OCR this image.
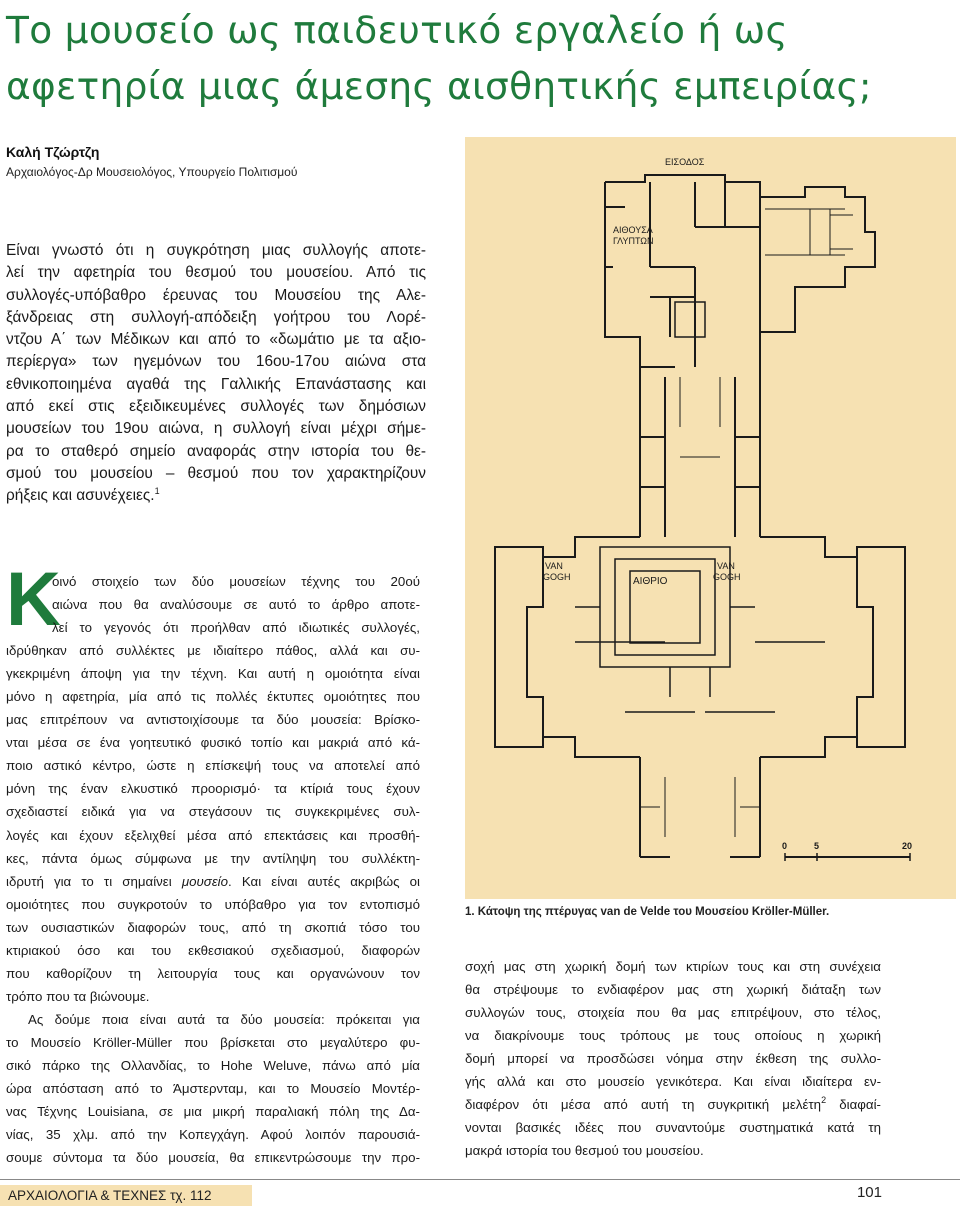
Το μουσείο ως παιδευτικό εργαλείο ή ως
αφετηρία μιας άμεσης αισθητικής εμπειρίας;

Καλή Τζώρτζη

Αρχαιολόγος-Δρ Μουσειολόγος, Υπουργείο Πολιτισμού

Είναι γνωστό ότι η συγκρότηση μιας συλλογής αποτε-

λεί την αφετηρία του θεσμού του μουσείου. Από τις

συλλογές-υπόβαθρο έρευνας του Μουσείου της Αλε-

ξάνδρειας στη συλλογή-απόδειξη γοήτρου του Λορέ-

ντζου Α΄ των Μέδικων και από το «δωμάτιο με τα αξιο-

περίεργα» των ηγεμόνων του 16ου-17ου αιώνα στα

εθνικοποιημένα αγαθά της Γαλλικής Επανάστασης και

από εκεί στις εξειδικευμένες συλλογές των δημόσιων

μουσείων του 19ου αιώνα, η συλλογή είναι μέχρι σήμε-

ρα το σταθερό σημείο αναφοράς στην ιστορία του θε-

σμού του μουσείου – θεσμού που τον χαρακτηρίζουν

ρήξεις και ασυνέχειες.$^1$

Κ

οινό στοιχείο των δύο μουσείων τέχνης του 20ού

αιώνα που θα αναλύσουμε σε αυτό το άρθρο αποτε-

λεί το γεγονός ότι προήλθαν από ιδιωτικές συλλογές,

ιδρύθηκαν από συλλέκτες με ιδιαίτερο πάθος, αλλά και συ-

γκεκριμένη άποψη για την τέχνη. Και αυτή η ομοιότητα είναι

μόνο η αφετηρία, μία από τις πολλές έκτυπες ομοιότητες που

μας επιτρέπουν να αντιστοιχίσουμε τα δύο μουσεία: Βρίσκο-

νται μέσα σε ένα γοητευτικό φυσικό τοπίο και μακριά από κά-

ποιο αστικό κέντρο, ώστε η επίσκεψή τους να αποτελεί από

μόνη της έναν ελκυστικό προορισμό· τα κτίριά τους έχουν

σχεδιαστεί ειδικά για να στεγάσουν τις συγκεκριμένες συλ-

λογές και έχουν εξελιχθεί μέσα από επεκτάσεις και προσθή-

κες, πάντα όμως σύμφωνα με την αντίληψη του συλλέκτη-

ιδρυτή για το τι σημαίνει μουσείο. Και είναι αυτές ακριβώς οι

ομοιότητες που συγκροτούν το υπόβαθρο για τον εντοπισμό

των ουσιαστικών διαφορών τους, από τη σκοπιά τόσο του

κτιριακού όσο και του εκθεσιακού σχεδιασμού, διαφορών

που καθορίζουν τη λειτουργία τους και οργανώνουν τον

τρόπο που τα βιώνουμε.

Ας δούμε ποια είναι αυτά τα δύο μουσεία: πρόκειται για

το Μουσείο Kröller-Müller που βρίσκεται στο μεγαλύτερο φυ-

σικό πάρκο της Ολλανδίας, το Hohe Weluve, πάνω από μία

ώρα απόσταση από το Άμστερνταμ, και το Μουσείο Μοντέρ-

νας Τέχνης Louisiana, σε μια μικρή παραλιακή πόλη της Δα-

νίας, 35 χλμ. από την Κοπεγχάγη. Αφού λοιπόν παρουσιά-

σουμε σύντομα τα δύο μουσεία, θα επικεντρώσουμε την προ-

ΕΙΣΟΔΟΣ
ΑΙΘΟΥΣΑ
ΓΛΥΠΤΩΝ
VAN
GOGH
VAN
GOGH
ΑΙΘΡΙΟ
0	5	20

1. Κάτοψη της πτέρυγας van de Velde του Μουσείου Kröller-Müller.

σοχή μας στη χωρική δομή των κτιρίων τους και στη συνέχεια

θα στρέψουμε το ενδιαφέρον μας στη χωρική διάταξη των

συλλογών τους, στοιχεία που θα μας επιτρέψουν, στο τέλος,

να διακρίνουμε τους τρόπους με τους οποίους η χωρική

δομή μπορεί να προσδώσει νόημα στην έκθεση της συλλο-

γής αλλά και στο μουσείο γενικότερα. Και είναι ιδιαίτερα εν-

διαφέρον ότι μέσα από αυτή τη συγκριτική μελέτη$^2$ διαφαί-

νονται βασικές ιδέες που συναντούμε συστηματικά κατά τη

μακρά ιστορία του θεσμού του μουσείου.

ΑΡΧΑΙΟΛΟΓΙΑ & ΤΕΧΝΕΣ τχ. 112	101
